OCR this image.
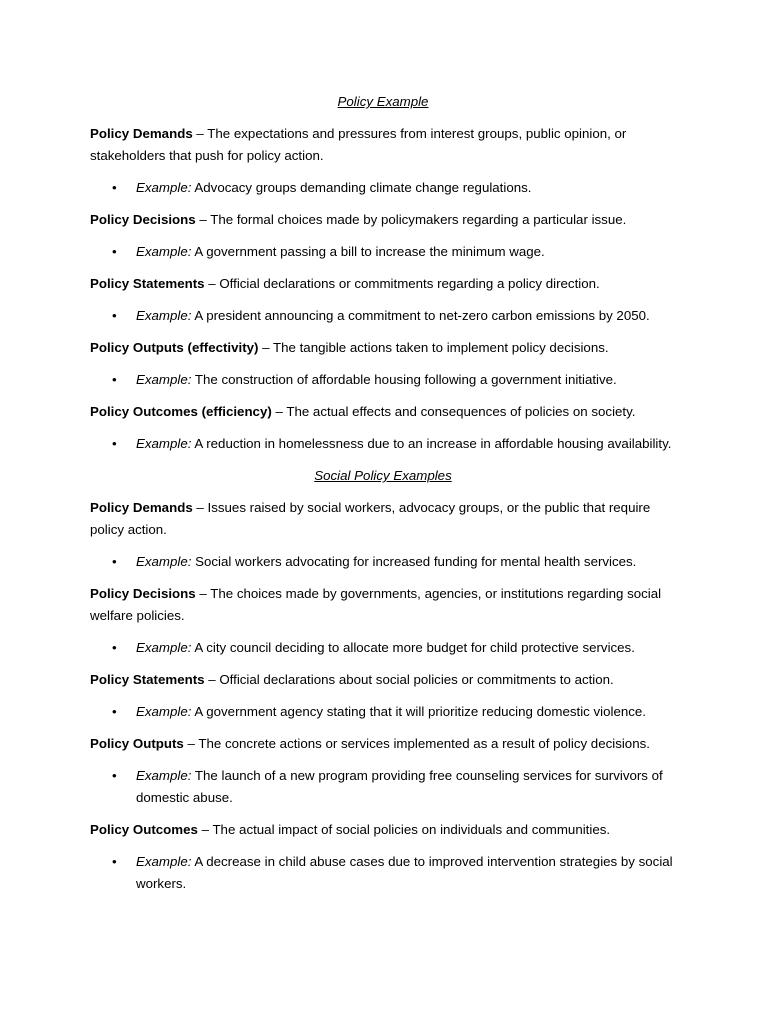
Policy Example

Policy Demands – The expectations and pressures from interest groups, public opinion, or stakeholders that push for policy action.

• Example: Advocacy groups demanding climate change regulations.

Policy Decisions – The formal choices made by policymakers regarding a particular issue.

• Example: A government passing a bill to increase the minimum wage.

Policy Statements – Official declarations or commitments regarding a policy direction.

• Example: A president announcing a commitment to net-zero carbon emissions by 2050.

Policy Outputs (effectivity) – The tangible actions taken to implement policy decisions.

• Example: The construction of affordable housing following a government initiative.

Policy Outcomes (efficiency) – The actual effects and consequences of policies on society.

• Example: A reduction in homelessness due to an increase in affordable housing availability.

Social Policy Examples

Policy Demands – Issues raised by social workers, advocacy groups, or the public that require policy action.

• Example: Social workers advocating for increased funding for mental health services.

Policy Decisions – The choices made by governments, agencies, or institutions regarding social welfare policies.

• Example: A city council deciding to allocate more budget for child protective services.

Policy Statements – Official declarations about social policies or commitments to action.

• Example: A government agency stating that it will prioritize reducing domestic violence.

Policy Outputs – The concrete actions or services implemented as a result of policy decisions.

• Example: The launch of a new program providing free counseling services for survivors of domestic abuse.

Policy Outcomes – The actual impact of social policies on individuals and communities.

• Example: A decrease in child abuse cases due to improved intervention strategies by social workers.
